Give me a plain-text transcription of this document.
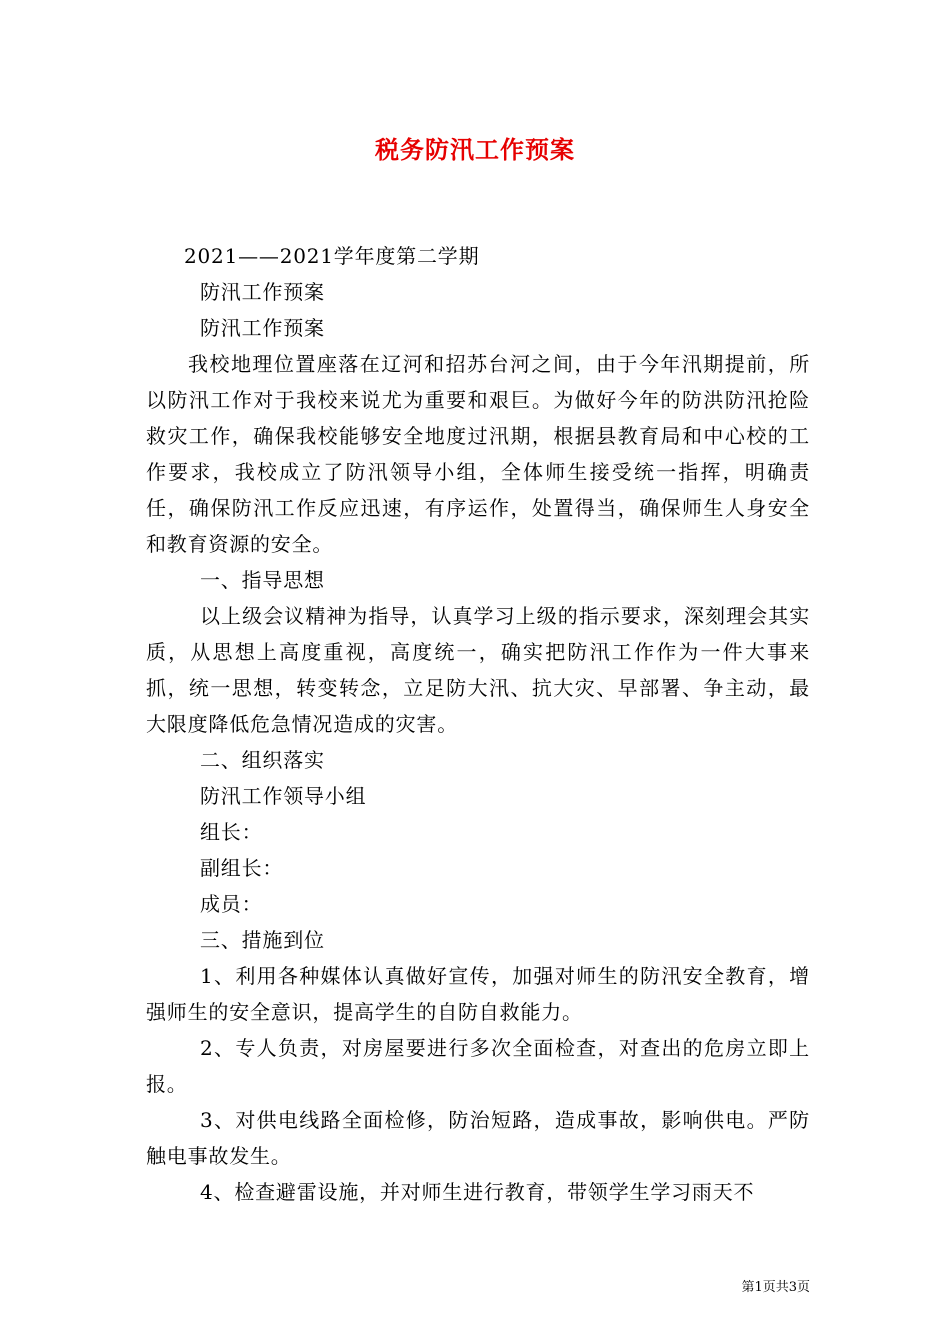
税务防汛工作预案

2021——2021学年度第二学期

防汛工作预案

防汛工作预案

我校地理位置座落在辽河和招苏台河之间，由于今年汛期提前，所以防汛工作对于我校来说尤为重要和艰巨。为做好今年的防洪防汛抢险救灾工作，确保我校能够安全地度过汛期，根据县教育局和中心校的工作要求，我校成立了防汛领导小组，全体师生接受统一指挥，明确责任，确保防汛工作反应迅速，有序运作，处置得当，确保师生人身安全和教育资源的安全。

一、指导思想

以上级会议精神为指导，认真学习上级的指示要求，深刻理会其实质，从思想上高度重视，高度统一，确实把防汛工作作为一件大事来抓，统一思想，转变转念，立足防大汛、抗大灾、早部署、争主动，最大限度降低危急情况造成的灾害。

二、组织落实

防汛工作领导小组

组长：

副组长：

成员：

三、措施到位

1、利用各种媒体认真做好宣传，加强对师生的防汛安全教育，增强师生的安全意识，提高学生的自防自救能力。

2、专人负责，对房屋要进行多次全面检查，对查出的危房立即上报。

3、对供电线路全面检修，防治短路，造成事故，影响供电。严防触电事故发生。

4、检查避雷设施，并对师生进行教育，带领学生学习雨天不

第1页共3页
